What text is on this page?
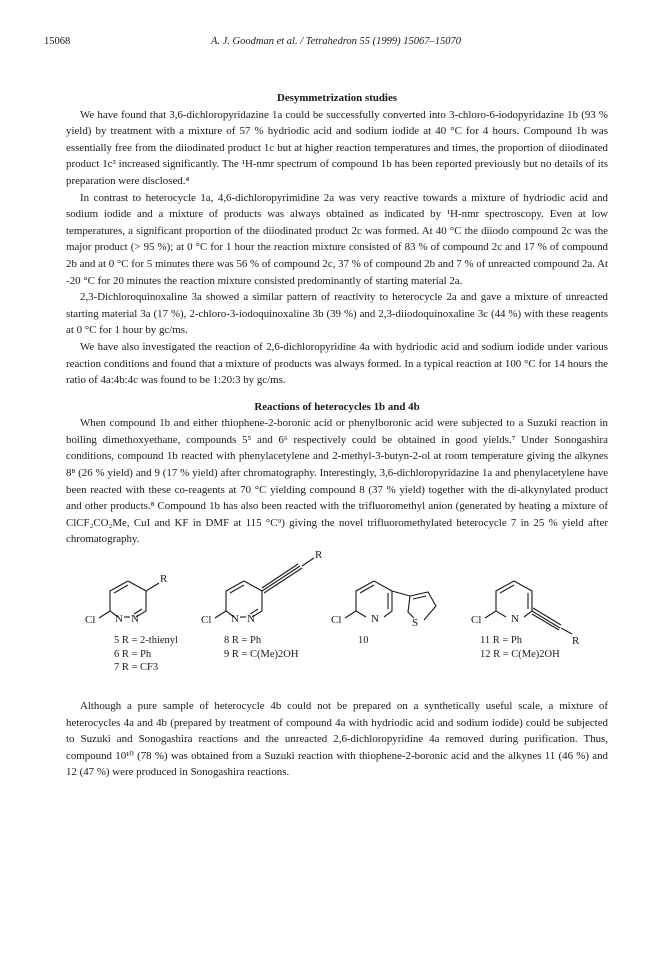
15068	A. J. Goodman et al. / Tetrahedron 55 (1999) 15067–15070
Desymmetrization studies

We have found that 3,6-dichloropyridazine 1a could be successfully converted into 3-chloro-6-iodopyridazine 1b (93 % yield) by treatment with a mixture of 57 % hydriodic acid and sodium iodide at 40 °C for 4 hours. Compound 1b was essentially free from the diiodinated product 1c but at higher reaction temperatures and times, the proportion of diiodinated product 1c³ increased significantly. The ¹H-nmr spectrum of compound 1b has been reported previously but no details of its preparation were disclosed.⁴

In contrast to heterocycle 1a, 4,6-dichloropyrimidine 2a was very reactive towards a mixture of hydriodic acid and sodium iodide and a mixture of products was always obtained as indicated by ¹H-nmr spectroscopy. Even at low temperatures, a significant proportion of the diiodinated product 2c was formed. At 40 °C the diiodo compound 2c was the major product (> 95 %); at 0 °C for 1 hour the reaction mixture consisted of 83 % of compound 2c and 17 % of compound 2b and at 0 °C for 5 minutes there was 56 % of compound 2c, 37 % of compound 2b and 7 % of unreacted compound 2a. At -20 °C for 20 minutes the reaction mixture consisted predominantly of starting material 2a.

2,3-Dichloroquinoxaline 3a showed a similar pattern of reactivity to heterocycle 2a and gave a mixture of unreacted starting material 3a (17 %), 2-chloro-3-iodoquinoxaline 3b (39 %) and 2,3-diiodoquinoxaline 3c (44 %) with these reagents at 0 °C for 1 hour by gc/ms.

We have also investigated the reaction of 2,6-dichloropyridine 4a with hydriodic acid and sodium iodide under various reaction conditions and found that a mixture of products was always formed. In a typical reaction at 100 °C for 14 hours the ratio of 4a:4b:4c was found to be 1:20:3 by gc/ms.

Reactions of heterocycles 1b and 4b

When compound 1b and either thiophene-2-boronic acid or phenylboronic acid were subjected to a Suzuki reaction in boiling dimethoxyethane, compounds 5⁵ and 6⁶ respectively could be obtained in good yields.⁷ Under Sonogashira conditions, compound 1b reacted with phenylacetylene and 2-methyl-3-butyn-2-ol at room temperature giving the alkynes 8⁸ (26 % yield) and 9 (17 % yield) after chromatography. Interestingly, 3,6-dichloropyridazine 1a and phenylacetylene have been reacted with these co-reagents at 70 °C yielding compound 8 (37 % yield) together with the di-alkynylated product and other products.⁸ Compound 1b has also been reacted with the trifluoromethyl anion (generated by heating a mixture of ClCF₂CO₂Me, CuI and KF in DMF at 115 °C⁹) giving the novel trifluoromethylated heterocycle 7 in 25 % yield after chromatography.

R
Cl N N
R
Cl N N	Cl	N	S	Cl	N
R
5 R = 2-thienyl
6 R = Ph
7 R = CF3
8 R = Ph
9 R = C(Me)2OH
10	11 R = Ph
12 R = C(Me)2OH

Although a pure sample of heterocycle 4b could not be prepared on a synthetically useful scale, a mixture of heterocycles 4a and 4b (prepared by treatment of compound 4a with hydriodic acid and sodium iodide) could be subjected to Suzuki and Sonogashira reactions and the unreacted 2,6-dichloropyridine 4a removed during purification. Thus, compound 10¹⁰ (78 %) was obtained from a Suzuki reaction with thiophene-2-boronic acid and the alkynes 11 (46 %) and 12 (47 %) were produced in Sonogashira reactions.
